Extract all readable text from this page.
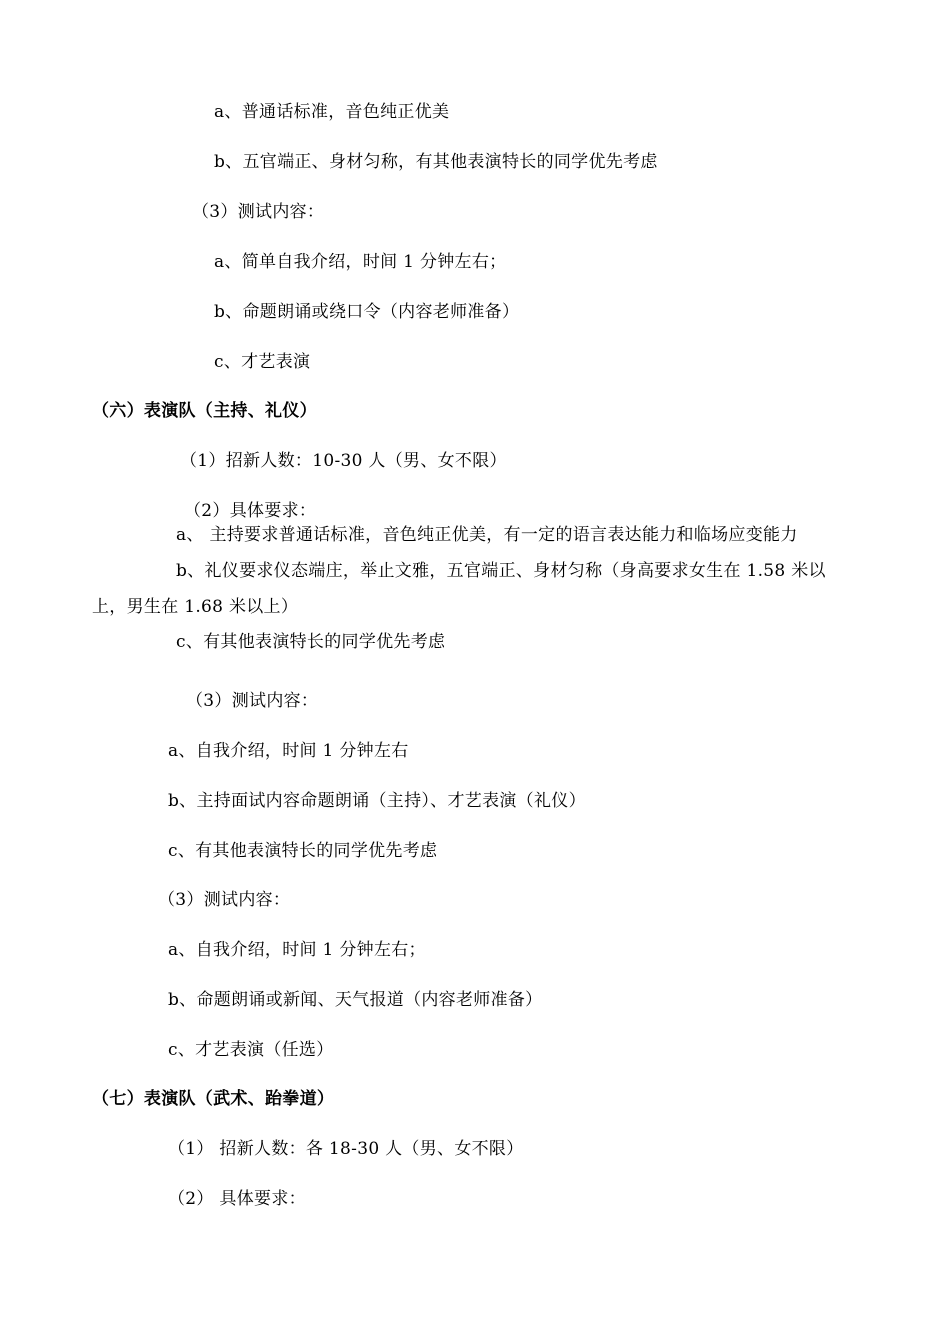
a、普通话标准，音色纯正优美
b、五官端正、身材匀称，有其他表演特长的同学优先考虑
（3）测试内容：
a、简单自我介绍，时间 1 分钟左右；
b、命题朗诵或绕口令（内容老师准备）
c、才艺表演
（六）表演队（主持、礼仪）
（1）招新人数：10-30 人（男、女不限）
（2）具体要求：
a、 主持要求普通话标准，音色纯正优美，有一定的语言表达能力和临场应变能力
b、礼仪要求仪态端庄，举止文雅，五官端正、身材匀称（身高要求女生在 1.58 米以
上，男生在 1.68 米以上）
c、有其他表演特长的同学优先考虑
（3）测试内容：
a、自我介绍，时间 1 分钟左右
b、主持面试内容命题朗诵（主持）、才艺表演（礼仪）
c、有其他表演特长的同学优先考虑
（3）测试内容：
a、自我介绍，时间 1 分钟左右；
b、命题朗诵或新闻、天气报道（内容老师准备）
c、才艺表演（任选）
（七）表演队（武术、跆拳道）
（1） 招新人数：各 18-30 人（男、女不限）
（2） 具体要求：
